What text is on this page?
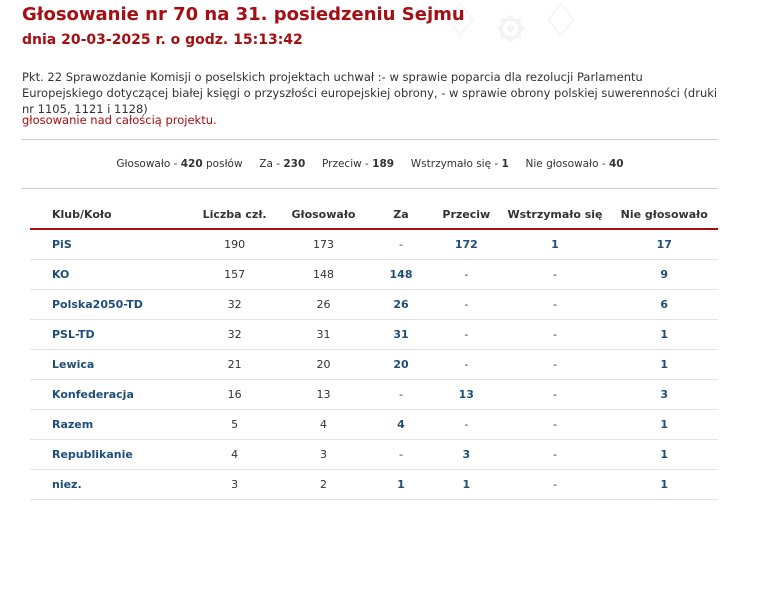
♢ ۞ ♢
Głosowanie nr 70 na 31. posiedzeniu Sejmu
dnia 20-03-2025 r. o godz. 15:13:42

Pkt. 22 Sprawozdanie Komisji o poselskich projektach uchwał :- w sprawie poparcia dla rezolucji Parlamentu Europejskiego dotyczącej białej księgi o przyszłości europejskiej obrony, - w sprawie obrony polskiej suwerenności (druki nr 1105, 1121 i 1128)

głosowanie nad całością projektu.
Głosowało - 420 posłów Za - 230 Przeciw - 189 Wstrzymało się - 1 Nie głosowało - 40
Klub/Koło	Liczba czł.	Głosowało	Za	Przeciw	Wstrzymało się	Nie głosowało
PiS	190	173	-	172	1	17
KO	157	148	148	-	-	9
Polska2050-TD	32	26	26	-	-	6
PSL-TD	32	31	31	-	-	1
Lewica	21	20	20	-	-	1
Konfederacja	16	13	-	13	-	3
Razem	5	4	4	-	-	1
Republikanie	4	3	-	3	-	1
niez.	3	2	1	1	-	1
